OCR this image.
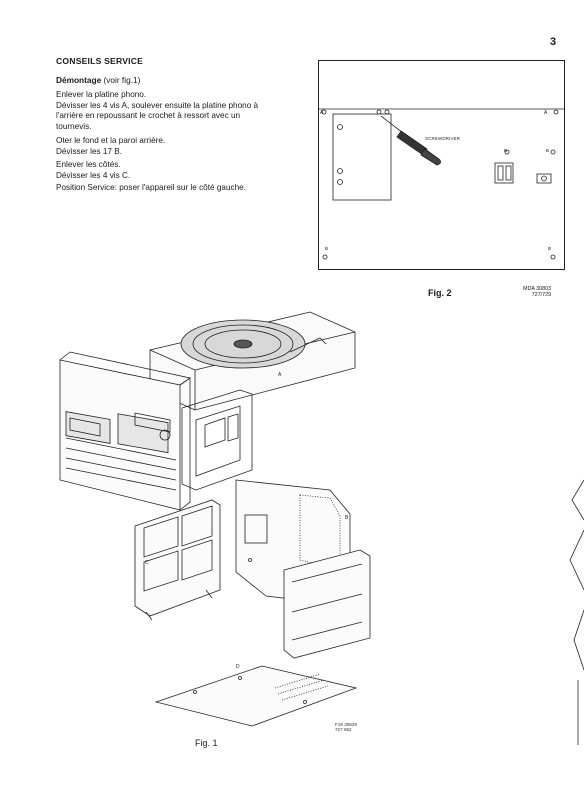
3
CONSEILS SERVICE
Démontage (voir fig.1)
Enlever la platine phono.
Dévisser les 4 vis A, soulever ensuite la platine phono à
l'arrière en repoussant le crochet à ressort avec un
tournevis.
Oter le fond et la paroi arrière.
Dévisser les 17 B.
Enlever les côtés.
Dévisser les 4 vis C.
Position Service: poser l'appareil sur le côté gauche.
A	A
B	B
B	B
SCREWDRIVER
Fig. 2	MDA 30803
727/729
A
B
C
D
F18 30828
727 652
Fig. 1
